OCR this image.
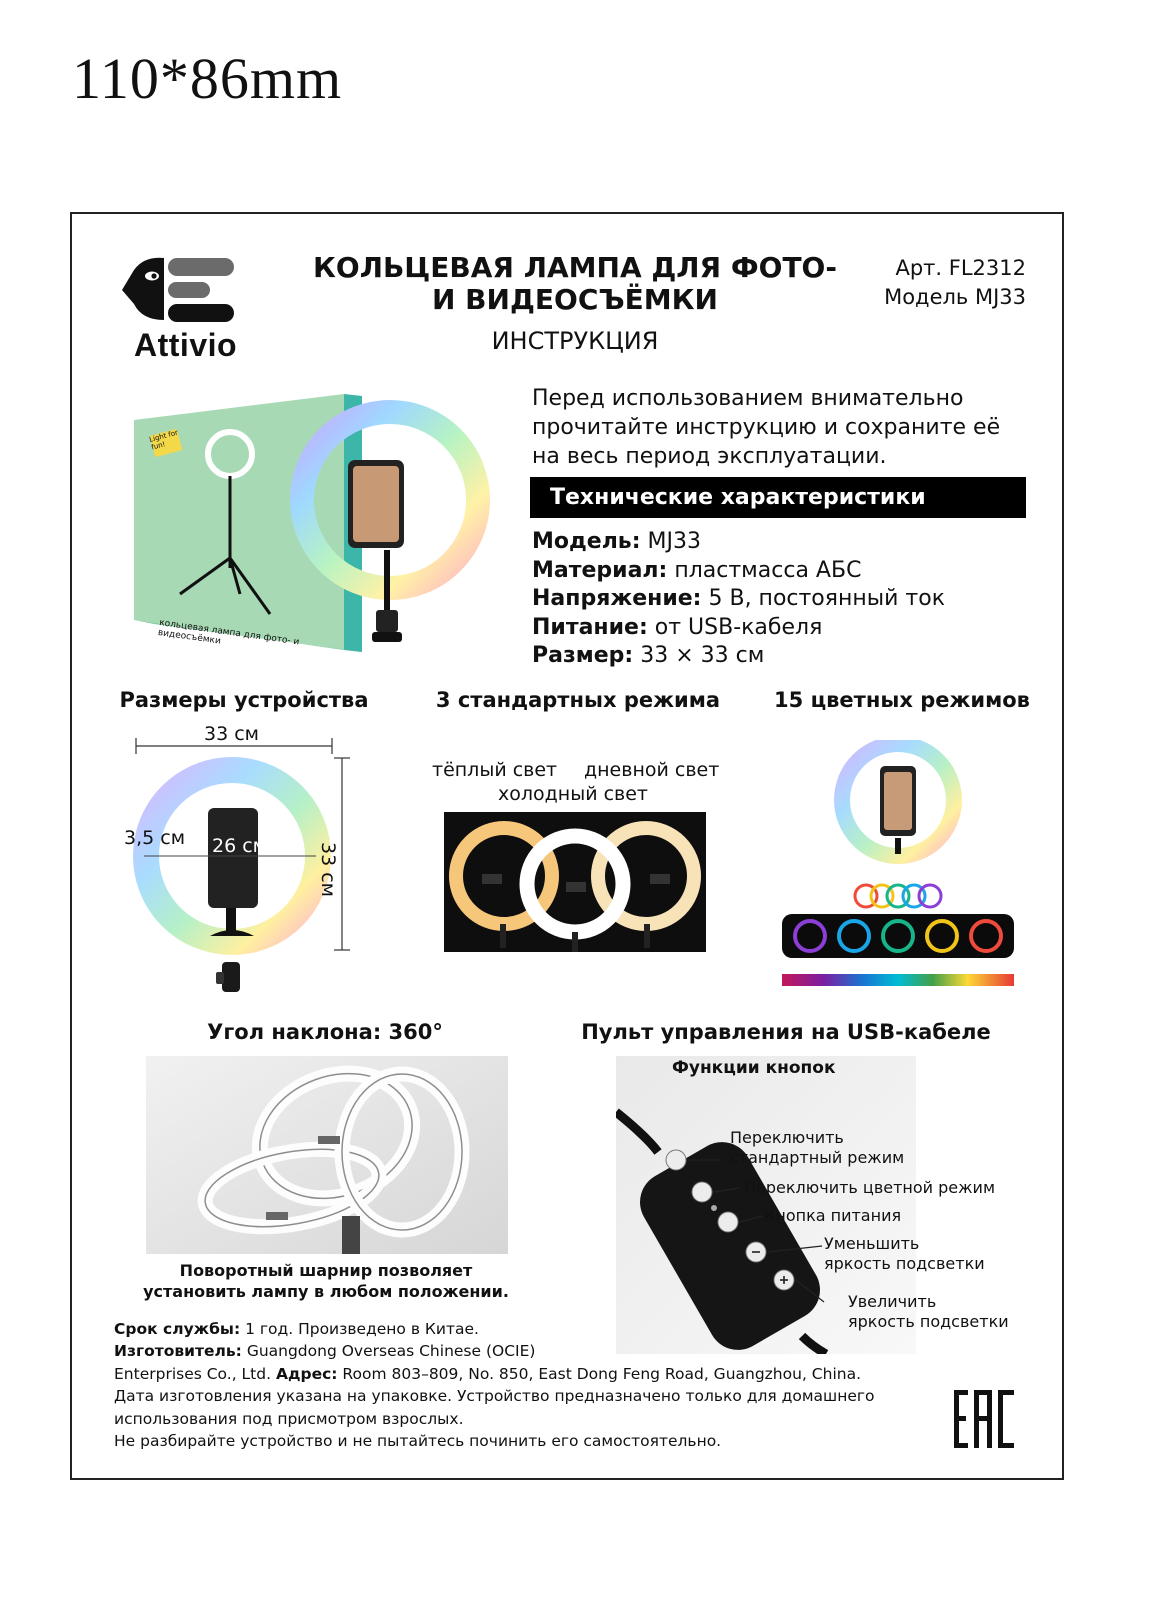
110*86mm
Attivio
КОЛЬЦЕВАЯ ЛАМПА ДЛЯ ФОТО-
И ВИДЕОСЪЁМКИ
ИНСТРУКЦИЯ
Арт. FL2312
Модель MJ33
кольцевая лампа для фото- и видеосъёмки
Light for fun!
Перед использованием внимательно прочитайте инструкцию и сохраните её на весь период эксплуатации.
Технические характеристики
Модель: MJ33
Материал: пластмасса АБС
Напряжение: 5 В, постоянный ток
Питание: от USB-кабеля
Размер: 33 × 33 см
Размеры устройства	3 стандартных режима	15 цветных режимов
33 см
33 см
3,5 см 26 см
тёплый свет дневной свет
холодный свет
Угол наклона: 360°
Поворотный шарнир позволяет
установить лампу в любом положении.
Пульт управления на USB-кабеле
Функции кнопок
Переключить
стандартный режим
Переключить цветной режим
Кнопка питания
Уменьшить
яркость подсветки
Увеличить
яркость подсветки
Срок службы: 1 год. Произведено в Китае.
Изготовитель: Guangdong Overseas Chinese (OCIE)
Enterprises Co., Ltd. Адрес: Room 803–809, No. 850, East Dong Feng Road, Guangzhou, China.
Дата изготовления указана на упаковке. Устройство предназначено только для домашнего
использования под присмотром взрослых.
Не разбирайте устройство и не пытайтесь починить его самостоятельно.
